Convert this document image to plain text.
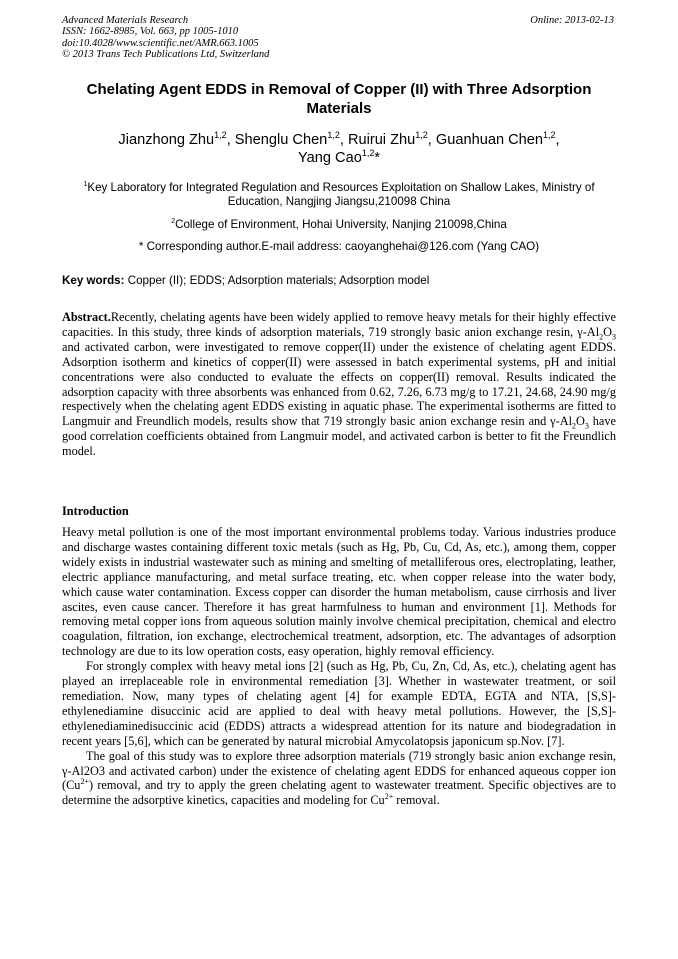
Advanced Materials Research
ISSN: 1662-8985, Vol. 663, pp 1005-1010
doi:10.4028/www.scientific.net/AMR.663.1005
© 2013 Trans Tech Publications Ltd, Switzerland
Online: 2013-02-13
Chelating Agent EDDS in Removal of Copper (II) with Three Adsorption Materials
Jianzhong Zhu$^{1,2}$, Shenglu Chen$^{1,2}$, Ruirui Zhu$^{1,2}$, Guanhuan Chen$^{1,2}$,
Yang Cao$^{1,2}$*
$^1$Key Laboratory for Integrated Regulation and Resources Exploitation on Shallow Lakes, Ministry of Education, Nangjing Jiangsu,210098 China
$^2$College of Environment, Hohai University, Nanjing 210098,China
* Corresponding author.E-mail address: caoyanghehai@126.com (Yang CAO)
Key words: Copper (II); EDDS; Adsorption materials; Adsorption model
Abstract.Recently, chelating agents have been widely applied to remove heavy metals for their highly effective capacities. In this study, three kinds of adsorption materials, 719 strongly basic anion exchange resin, $\gamma-Al_2O_3$ and activated carbon, were investigated to remove copper(II) under the existence of chelating agent EDDS. Adsorption isotherm and kinetics of copper(II) were assessed in batch experimental systems, pH and initial concentrations were also conducted to evaluate the effects on copper(II) removal. Results indicated the adsorption capacity with three absorbents was enhanced from 0.62, 7.26, 6.73 mg/g to 17.21, 24.68, 24.90 mg/g respectively when the chelating agent EDDS existing in aquatic phase. The experimental isotherms are fitted to Langmuir and Freundlich models, results show that 719 strongly basic anion exchange resin and $\gamma-Al_2O_3$ have good correlation coefficients obtained from Langmuir model, and activated carbon is better to fit the Freundlich model.
Introduction

Heavy metal pollution is one of the most important environmental problems today. Various industries produce and discharge wastes containing different toxic metals (such as Hg, Pb, Cu, Cd, As, etc.), among them, copper widely exists in industrial wastewater such as mining and smelting of metalliferous ores, electroplating, leather, electric appliance manufacturing, and metal surface treating, etc. when copper release into the water body, which cause water contamination. Excess copper can disorder the human metabolism, cause cirrhosis and liver ascites, even cause cancer. Therefore it has great harmfulness to human and environment [1]. Methods for removing metal copper ions from aqueous solution mainly involve chemical precipitation, chemical and electro coagulation, filtration, ion exchange, electrochemical treatment, adsorption, etc. The advantages of adsorption technology are due to its low operation costs, easy operation, highly removal efficiency.

For strongly complex with heavy metal ions [2] (such as Hg, Pb, Cu, Zn, Cd, As, etc.), chelating agent has played an irreplaceable role in environmental remediation [3]. Whether in wastewater treatment, or soil remediation. Now, many types of chelating agent [4] for example EDTA, EGTA and NTA, [S,S]-ethylenediamine disuccinic acid are applied to deal with heavy metal pollutions. However, the [S,S]-ethylenediaminedisuccinic acid (EDDS) attracts a widespread attention for its nature and biodegradation in recent years [5,6], which can be generated by natural microbial Amycolatopsis japonicum sp.Nov. [7].

The goal of this study was to explore three adsorption materials (719 strongly basic anion exchange resin, γ-Al2O3 and activated carbon) under the existence of chelating agent EDDS for enhanced aqueous copper ion $(Cu^{2+})$ removal, and try to apply the green chelating agent to wastewater treatment. Specific objectives are to determine the adsorptive kinetics, capacities and modeling for $Cu^{2+}$ removal.
